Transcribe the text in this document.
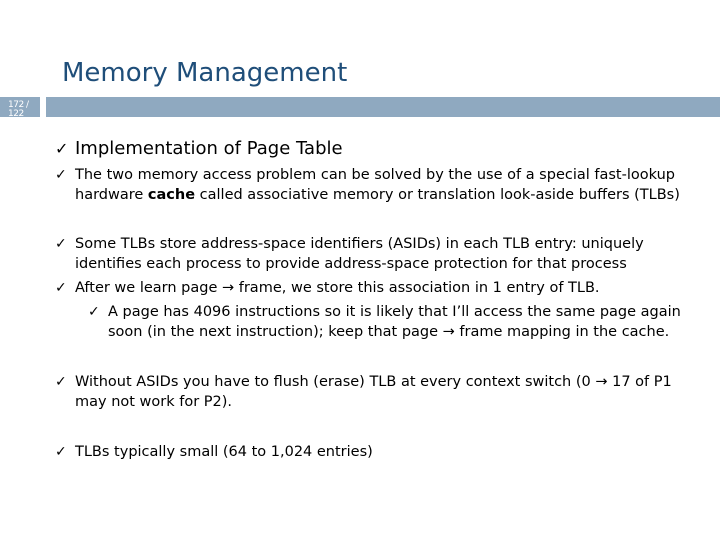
Memory Management
172 / 122
✓ Implementation of Page Table
✓ The two memory access problem can be solved by the use of a special fast-lookup
hardware cache called associative memory or translation look-aside buffers (TLBs)
✓ Some TLBs store address-space identifiers (ASIDs) in each TLB entry: uniquely
identifies each process to provide address-space protection for that process
✓ After we learn page → frame, we store this association in 1 entry of TLB.
✓ A page has 4096 instructions so it is likely that I’ll access the same page again
soon (in the next instruction); keep that page → frame mapping in the cache.
✓ Without ASIDs you have to flush (erase) TLB at every context switch (0 → 17 of P1
may not work for P2).
✓ TLBs typically small (64 to 1,024 entries)
